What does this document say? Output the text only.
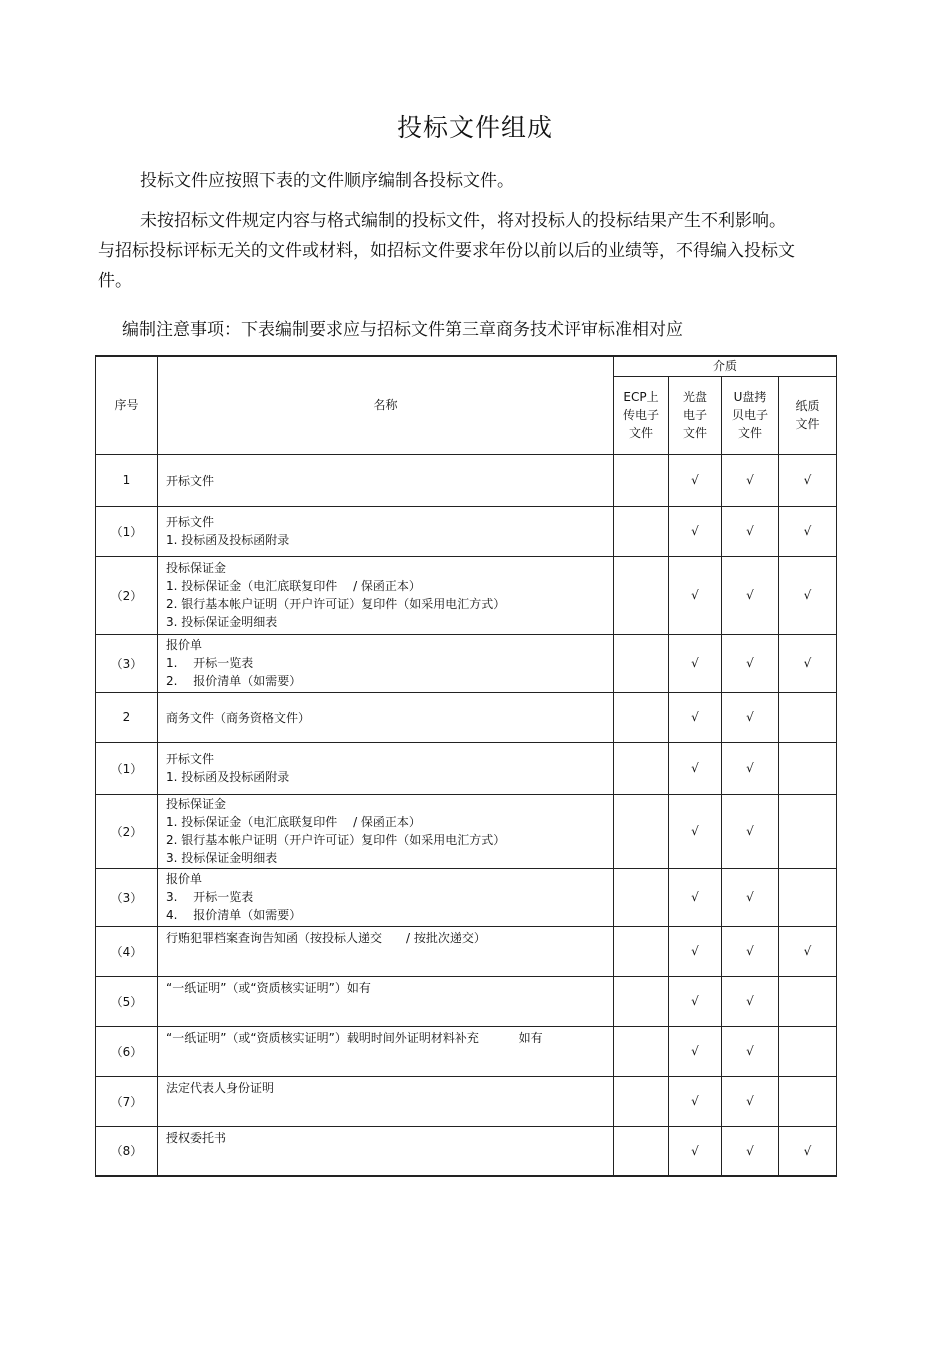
投标文件组成
投标文件应按照下表的文件顺序编制各投标文件。
未按招标文件规定内容与格式编制的投标文件，将对投标人的投标结果产生不利影响。与招标投标评标无关的文件或材料，如招标文件要求年份以前以后的业绩等，不得编入投标文件。
编制注意事项：下表编制要求应与招标文件第三章商务技术评审标准相对应
序号	名称	介质			

		ECP上传电子文件	光盘电子文件	U盘拷贝电子文件	纸质文件

1	开标文件		√	√	√
（1）	开标文件
1. 投标函及投标函附录		√	√	√
（2）	投标保证金
1. 投标保证金（电汇底联复印件　 / 保函正本）
2. 银行基本帐户证明（开户许可证）复印件（如采用电汇方式）
3. 投标保证金明细表		√	√	√
（3）	报价单
1.　 开标一览表
2.　 报价清单（如需要）		√	√	√
2	商务文件（商务资格文件）		√	√	
（1）	开标文件
1. 投标函及投标函附录		√	√	
（2）	投标保证金
1. 投标保证金（电汇底联复印件　 / 保函正本）
2. 银行基本帐户证明（开户许可证）复印件（如采用电汇方式）
3. 投标保证金明细表		√	√	
（3）	报价单
3.　 开标一览表
4.　 报价清单（如需要）		√	√	
（4）	行贿犯罪档案查询告知函（按投标人递交　　/ 按批次递交）		√	√	√
（5）	“一纸证明”（或“资质核实证明”）如有		√	√	
（6）	“一纸证明”（或“资质核实证明”）载明时间外证明材料补充　　　 如有		√	√	
（7）	法定代表人身份证明		√	√	
（8）	授权委托书		√	√	√
